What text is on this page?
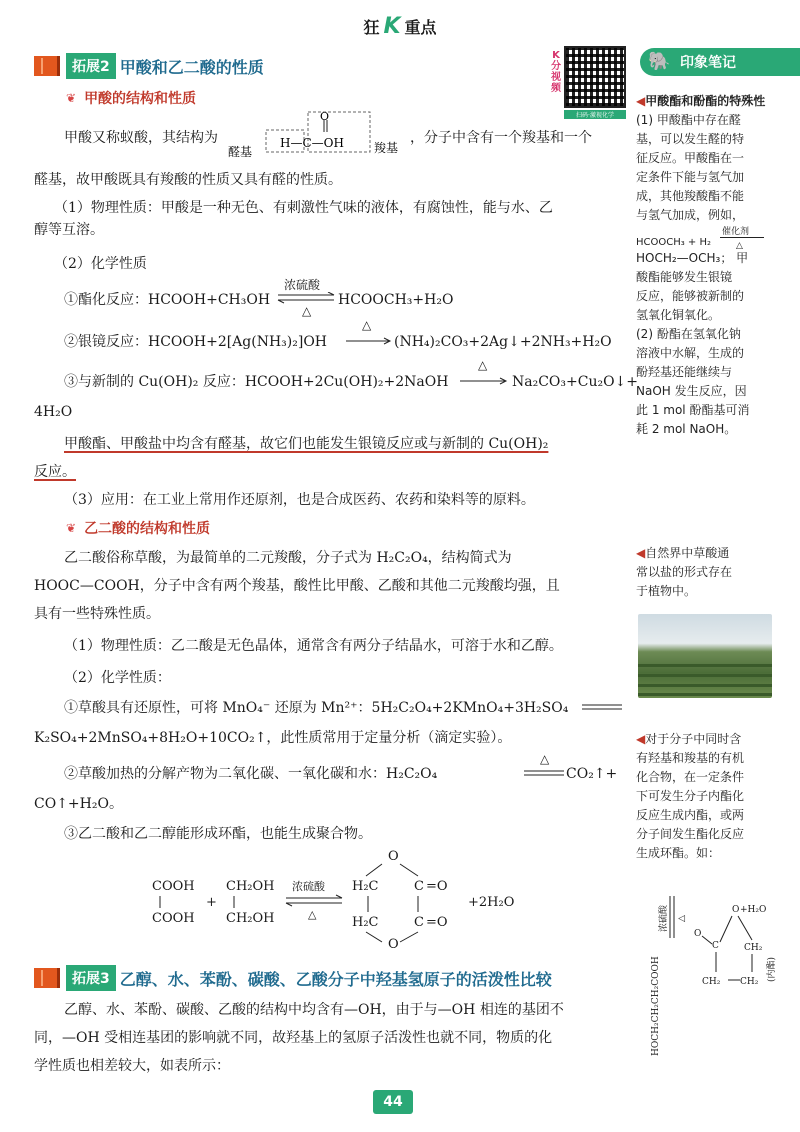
狂 K 重点
拓展2 甲酸和乙二酸的性质
K分视频
扫码·激视化学
🐘 印象笔记
❦ 甲酸的结构和性质
甲酸又称蚁酸，其结构为
O
H—C—OH
醛基	羧基
，分子中含有一个羧基和一个
醛基，故甲酸既具有羧酸的性质又具有醛的性质。
（1）物理性质：甲酸是一种无色、有刺激性气味的液体，有腐蚀性，能与水、乙
醇等互溶。
（2）化学性质
①酯化反应：HCOOH+CH₃OH
浓硫酸
△
HCOOCH₃+H₂O
②银镜反应：HCOOH+2[Ag(NH₃)₂]OH
△
(NH₄)₂CO₃+2Ag↓+2NH₃+H₂O
③与新制的 Cu(OH)₂ 反应：HCOOH+2Cu(OH)₂+2NaOH
△
Na₂CO₃+Cu₂O↓+
4H₂O
甲酸酯、甲酸盐中均含有醛基，故它们也能发生银镜反应或与新制的 Cu(OH)₂
反应。
（3）应用：在工业上常用作还原剂，也是合成医药、农药和染料等的原料。
❦ 乙二酸的结构和性质
乙二酸俗称草酸，为最简单的二元羧酸，分子式为 H₂C₂O₄，结构简式为
HOOC—COOH，分子中含有两个羧基，酸性比甲酸、乙酸和其他二元羧酸均强，且
具有一些特殊性质。
（1）物理性质：乙二酸是无色晶体，通常含有两分子结晶水，可溶于水和乙醇。
（2）化学性质：
①草酸具有还原性，可将 MnO₄⁻ 还原为 Mn²⁺：5H₂C₂O₄+2KMnO₄+3H₂SO₄
K₂SO₄+2MnSO₄+8H₂O+10CO₂↑，此性质常用于定量分析（滴定实验）。
②草酸加热的分解产物为二氧化碳、一氧化碳和水：H₂C₂O₄
△
CO₂↑+
CO↑+H₂O。
③乙二酸和乙二醇能形成环酯，也能生成聚合物。
COOH
COOH
+
CH₂OH
CH₂OH
浓硫酸
△
O
H₂C	C =O
H₂C	C =O
O
+2H₂O
拓展3 乙醇、水、苯酚、碳酸、乙酸分子中羟基氢原子的活泼性比较
乙醇、水、苯酚、碳酸、乙酸的结构中均含有—OH，由于与—OH 相连的基团不
同，—OH 受相连基团的影响就不同，故羟基上的氢原子活泼性也就不同，物质的化
学性质也相差较大，如表所示：
◀甲酸酯和酚酯的特殊性
(1) 甲酸酯中存在醛
基，可以发生醛的特
征反应。甲酸酯在一
定条件下能与氢气加
成，其他羧酸酯不能
与氢气加成，例如，
HCOOCH₃ + H₂
催化剂
△
HOCH₂—OCH₃； 甲
酸酯能够发生银镜
反应，能够被新制的
氢氧化铜氧化。
(2) 酚酯在氢氧化钠
溶液中水解，生成的
酚羟基还能继续与
NaOH 发生反应，因
此 1 mol 酚酯基可消
耗 2 mol NaOH。
◀自然界中草酸通
常以盐的形式存在
于植物中。
◀对于分子中同时含
有羟基和羧基的有机
化合物，在一定条件
下可发生分子内酯化
反应生成内酯，或两
分子间发生酯化反应
生成环酯。如：
HOCH₂CH₂CH₂COOH
浓硫酸 △
O +H₂O
O
C	CH₂
CH₂ CH₂ (内酯)
44
